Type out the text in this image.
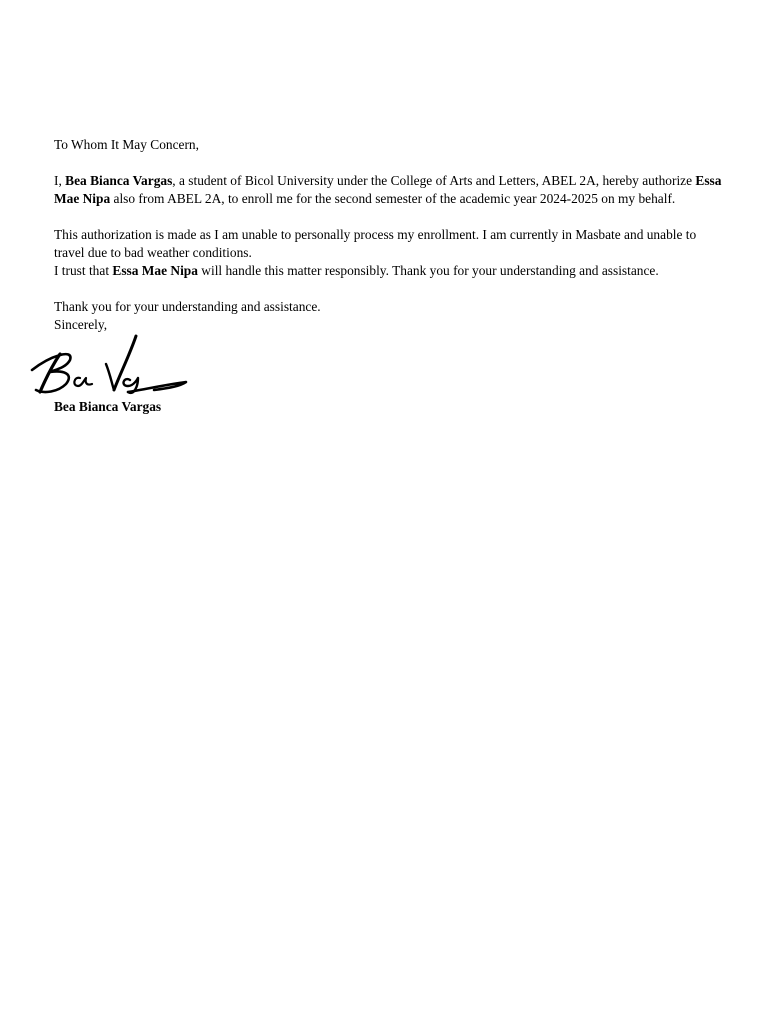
To Whom It May Concern,

I, Bea Bianca Vargas, a student of Bicol University under the College of Arts and Letters, ABEL 2A, hereby authorize Essa Mae Nipa also from ABEL 2A, to enroll me for the second semester of the academic year 2024-2025 on my behalf.

This authorization is made as I am unable to personally process my enrollment. I am currently in Masbate and unable to travel due to bad weather conditions.

I trust that Essa Mae Nipa will handle this matter responsibly. Thank you for your understanding and assistance.

Thank you for your understanding and assistance.

Sincerely,

Bea Bianca Vargas
